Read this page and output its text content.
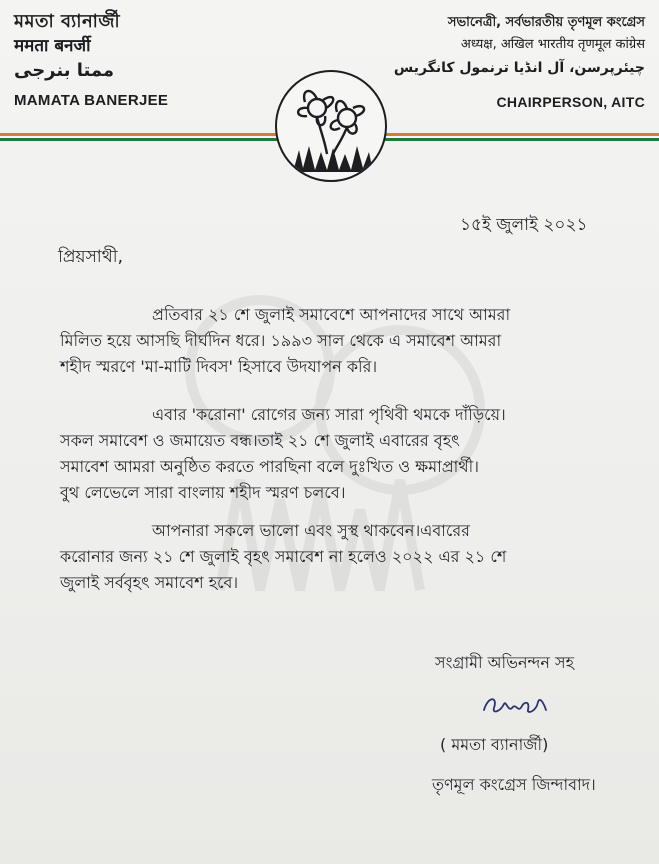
মমতা ব্যানার্জী

ममता बनर्जी

ممتا بنرجی

MAMATA BANERJEE

সভানেত্রী, সর্বভারতীয় তৃণমূল কংগ্রেস

अध्यक्ष, अखिल भारतीय तृणमूल कांग्रेस

چیئرپرسن، آل انڈیا ترنمول کانگریس

CHAIRPERSON, AITC
১৫ই জুলাই ২০২১
প্রিয়সাথী,
প্রতিবার ২১ শে জুলাই সমাবেশে আপনাদের সাথে আমরা
মিলিত হয়ে আসছি দীর্ঘদিন ধরে। ১৯৯৩ সাল থেকে এ সমাবেশ আমরা
শহীদ স্মরণে 'মা-মাটি দিবস' হিসাবে উদযাপন করি।
এবার 'করোনা' রোগের জন্য সারা পৃথিবী থমকে দাঁড়িয়ে।
সকল সমাবেশ ও জমায়েত বন্ধ।তাই ২১ শে জুলাই এবারের বৃহৎ
সমাবেশ আমরা অনুষ্ঠিত করতে পারছিনা বলে দুঃখিত ও ক্ষমাপ্রার্থী।
বুথ লেভেলে সারা বাংলায় শহীদ স্মরণ চলবে।
আপনারা সকলে ভালো এবং সুস্থ থাকবেন।এবারের
করোনার জন্য ২১ শে জুলাই বৃহৎ সমাবেশ না হলেও ২০২২ এর ২১ শে
জুলাই সর্ববৃহৎ সমাবেশ হবে।
সংগ্রামী অভিনন্দন সহ
( মমতা ব্যানার্জী)
তৃণমূল কংগ্রেস জিন্দাবাদ।
